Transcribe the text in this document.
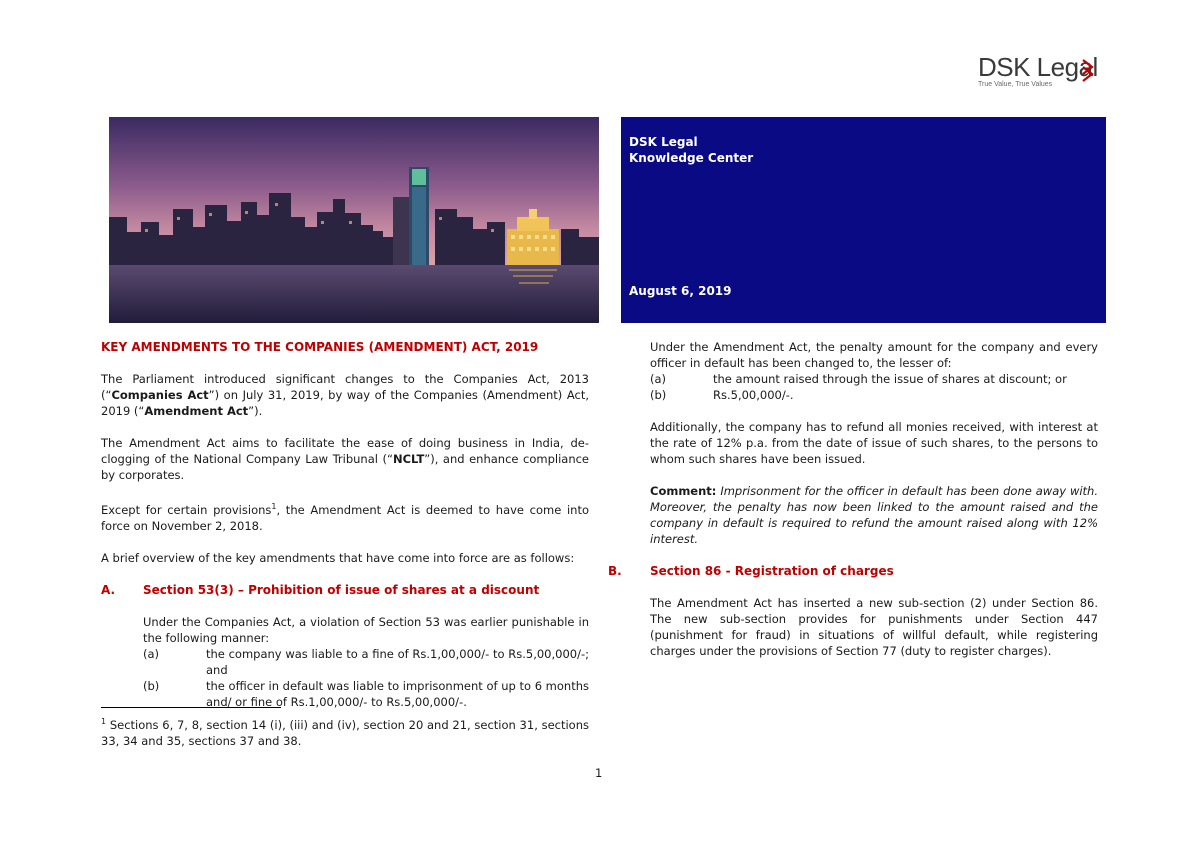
DSK Legal
True Value, True Values
DSK Legal
Knowledge Center
August 6, 2019
KEY AMENDMENTS TO THE COMPANIES (AMENDMENT) ACT, 2019

The Parliament introduced significant changes to the Companies Act, 2013 (“Companies Act”) on July 31, 2019, by way of the Companies (Amendment) Act, 2019 (“Amendment Act”).

The Amendment Act aims to facilitate the ease of doing business in India, de-clogging of the National Company Law Tribunal (“NCLT”), and enhance compliance by corporates.

Except for certain provisions$^1$, the Amendment Act is deemed to have come into force on November 2, 2018.

A brief overview of the key amendments that have come into force are as follows:

A. Section 53(3) – Prohibition of issue of shares at a discount

Under the Companies Act, a violation of Section 53 was earlier punishable in the following manner:

(a)	the company was liable to a fine of Rs.1,00,000/- to Rs.5,00,000/-; and

(b)	the officer in default was liable to imprisonment of up to 6 months and/ or fine of Rs.1,00,000/- to Rs.5,00,000/-.

$^1$ Sections 6, 7, 8, section 14 (i), (iii) and (iv), section 20 and 21, section 31, sections 33, 34 and 35, sections 37 and 38.

Under the Amendment Act, the penalty amount for the company and every officer in default has been changed to, the lesser of:

(a)	the amount raised through the issue of shares at discount; or

(b)	Rs.5,00,000/-.

Additionally, the company has to refund all monies received, with interest at the rate of 12% p.a. from the date of issue of such shares, to the persons to whom such shares have been issued.

Comment: Imprisonment for the officer in default has been done away with. Moreover, the penalty has now been linked to the amount raised and the company in default is required to refund the amount raised along with 12% interest.

B. Section 86 - Registration of charges

The Amendment Act has inserted a new sub-section (2) under Section 86. The new sub-section provides for punishments under Section 447 (punishment for fraud) in situations of willful default, while registering charges under the provisions of Section 77 (duty to register charges).

1
